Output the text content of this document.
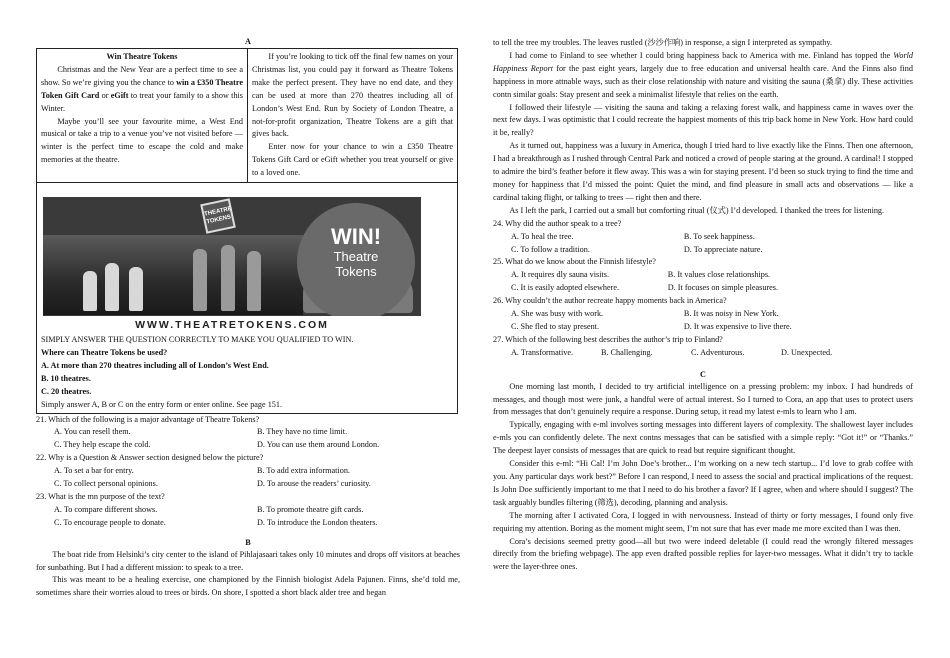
A

Win Theatre Tokens

Christmas and the New Year are a perfect time to see a show. So we’re giving you the chance to win a £350 Theatre Token Gift Card or eGift to treat your family to a show this Winter.

Maybe you’ll see your favourite mime, a West End musical or take a trip to a venue you’ve not visited before — winter is the perfect time to escape the cold and make memories at the theatre.

If you’re looking to tick off the final few names on your Christmas list, you could pay it forward as Theatre Tokens make the perfect present. They have no end date, and they can be used at more than 270 theatres including all of London’s West End. Run by Society of London Theatre, a not-for-profit organization, Theatre Tokens are a gift that gives back.

Enter now for your chance to win a £350 Theatre Tokens Gift Card or eGift whether you treat yourself or give to a loved one.

THEATRE TOKENS
WIN!
Theatre
Tokens
WWW.THEATRETOKENS.COM
SIMPLY ANSWER THE QUESTION CORRECTLY TO MAKE YOU QUALIFIED TO WIN.
Where can Theatre Tokens be used?
A. At more than 270 theatres including all of London’s West End.
B. 10 theatres.
C. 20 theatres.
Simply answer A, B or C on the entry form or enter online. See page 151.
21. Which of the following is a major advantage of Theatre Tokens?
A. You can resell them.	B. They have no time limit.
C. They help escape the cold.	D. You can use them around London.
22. Why is a Question & Answer section designed below the picture?
A. To set a bar for entry.	B. To add extra information.
C. To collect personal opinions.	D. To arouse the readers’ curiosity.
23. What is the mn purpose of the text?
A. To compare different shows.	B. To promote theatre gift cards.
C. To encourage people to donate.	D. To introduce the London theaters.
B

The boat ride from Helsinki’s city center to the island of Pihlajasaari takes only 10 minutes and drops off visitors at beaches for sunbathing. But I had a different mission: to speak to a tree.

This was meant to be a healing exercise, one championed by the Finnish biologist Adela Pajunen. Finns, she’d told me, sometimes share their worries aloud to trees or birds. On shore, I spotted a short black alder tree and began

to tell the tree my troubles. The leaves rustled (沙沙作响) in response, a sign I interpreted as sympathy.

I had come to Finland to see whether I could bring happiness back to America with me. Finland has topped the World Happiness Report for the past eight years, largely due to free education and universal health care. And the Finns also find happiness in more attnable ways, such as their close relationship with nature and visiting the sauna (桑拿) dly. These activities contn similar goals: Stay present and seek a minimalist lifestyle that relies on the earth.

I followed their lifestyle — visiting the sauna and taking a relaxing forest walk, and happiness came in waves over the next few days. I was optimistic that I could recreate the happiest moments of this trip back home in New York. How hard could it be, really?

As it turned out, happiness was a luxury in America, though I tried hard to live exactly like the Finns. Then one afternoon, I had a breakthrough as I rushed through Central Park and noticed a crowd of people staring at the ground. A cardinal! I stopped to admire the bird’s feather before it flew away. This was a win for staying present. I’d been so stuck trying to find the time and money for happiness that I’d missed the point: Quiet the mind, and find pleasure in small acts and observations — like a cardinal taking flight, or talking to trees — right then and there.

As I left the park, I carried out a small but comforting ritual (仪式) I’d developed. I thanked the trees for listening.

24. Why did the author speak to a tree?
A. To heal the tree.	B. To seek happiness.
C. To follow a tradition.	D. To appreciate nature.
25. What do we know about the Finnish lifestyle?
A. It requires dly sauna visits.	B. It values close relationships.
C. It is easily adopted elsewhere.	D. It focuses on simple pleasures.
26. Why couldn’t the author recreate happy moments back in America?
A. She was busy with work.	B. It was noisy in New York.
C. She fled to stay present.	D. It was expensive to live there.
27. Which of the following best describes the author’s trip to Finland?
A. Transformative.	B. Challenging.	C. Adventurous.	D. Unexpected.
C

One morning last month, I decided to try artificial intelligence on a pressing problem: my inbox. I had hundreds of messages, and though most were junk, a handful were of actual interest. So I turned to Cora, an app that uses to protect users from messages that don’t genuinely require a response. During setup, it read my latest e-mls to learn who I am.

Typically, engaging with e-ml involves sorting messages into different layers of complexity. The shallowest layer includes e-mls you can confidently delete. The next contns messages that can be satisfied with a simple reply: “Got it!” or “Thanks.” The deepest layer consists of messages that are quick to read but require significant thought.

Consider this e-ml: “Hi Cal! I’m John Doe’s brother... I’m working on a new tech startup... I’d love to grab coffee with you. Any particular days work best?” Before I can respond, I need to assess the social and practical implications of the request. Is John Doe sufficiently important to me that I need to do his brother a favor? If I agree, when and where should I suggest? The task arguably bundles filtering (筛选), decoding, planning and analysis.

The morning after I activated Cora, I logged in with nervousness. Instead of thirty or forty messages, I found only five requiring my attention. Boring as the moment might seem, I’m not sure that has ever made me more excited than I was then.

Cora’s decisions seemed pretty good—all but two were indeed deletable (I could read the wrongly filtered messages directly from the briefing webpage). The app even drafted possible replies for layer-two messages. What it didn’t try to tackle were the layer-three ones.
